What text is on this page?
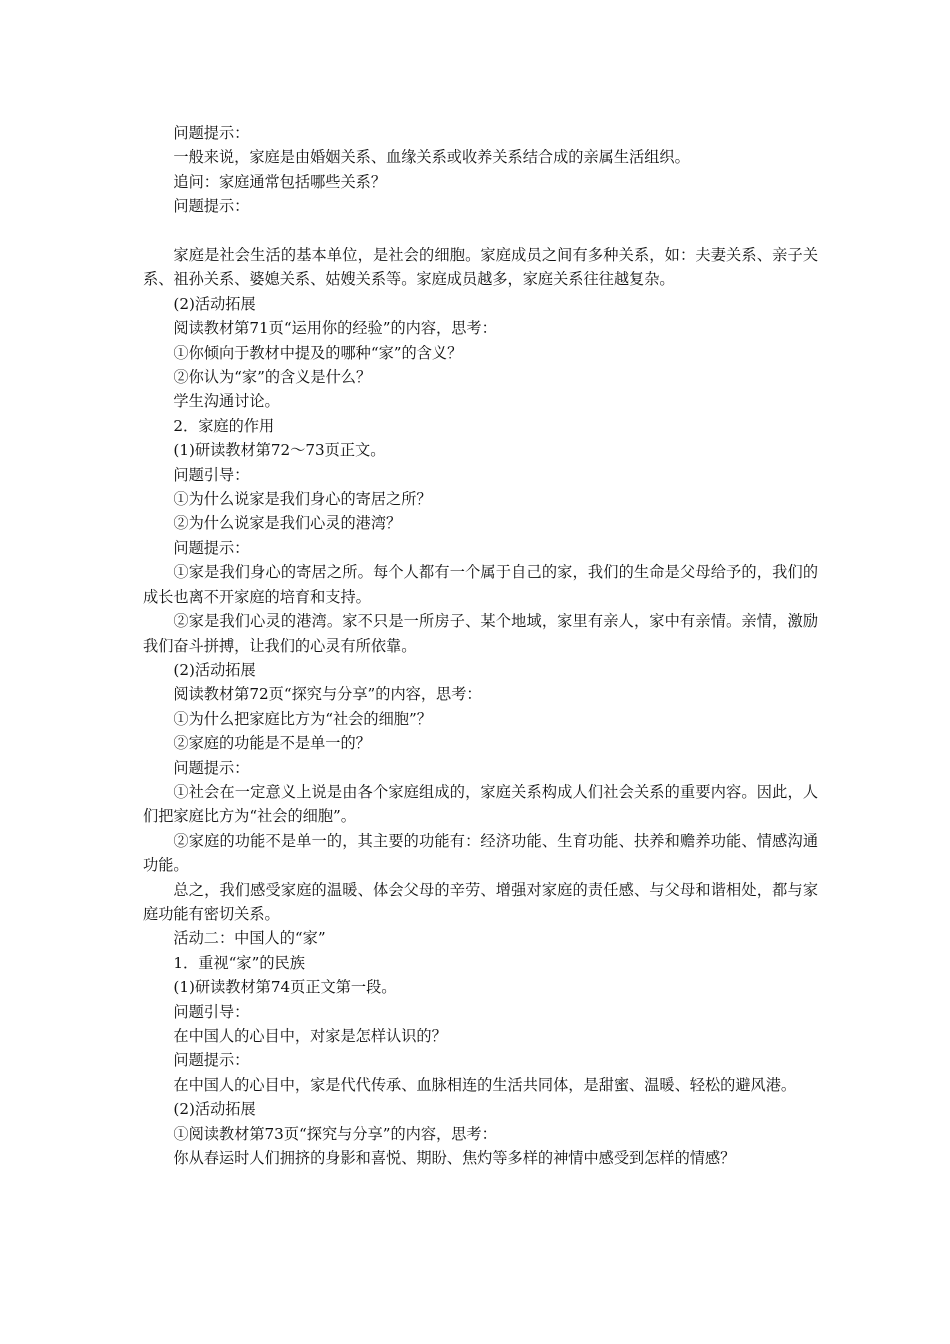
问题提示：

一般来说，家庭是由婚姻关系、血缘关系或收养关系结合成的亲属生活组织。

追问：家庭通常包括哪些关系？

问题提示：

家庭是社会生活的基本单位，是社会的细胞。家庭成员之间有多种关系，如：夫妻关系、亲子关系、祖孙关系、婆媳关系、姑嫂关系等。家庭成员越多，家庭关系往往越复杂。

(2)活动拓展

阅读教材第71页“运用你的经验”的内容，思考：

①你倾向于教材中提及的哪种“家”的含义？

②你认为“家”的含义是什么？

学生沟通讨论。

2．家庭的作用

(1)研读教材第72～73页正文。

问题引导：

①为什么说家是我们身心的寄居之所？

②为什么说家是我们心灵的港湾？

问题提示：

①家是我们身心的寄居之所。每个人都有一个属于自己的家，我们的生命是父母给予的，我们的成长也离不开家庭的培育和支持。

②家是我们心灵的港湾。家不只是一所房子、某个地域，家里有亲人，家中有亲情。亲情，激励我们奋斗拼搏，让我们的心灵有所依靠。

(2)活动拓展

阅读教材第72页“探究与分享”的内容，思考：

①为什么把家庭比方为“社会的细胞”？

②家庭的功能是不是单一的？

问题提示：

①社会在一定意义上说是由各个家庭组成的，家庭关系构成人们社会关系的重要内容。因此，人们把家庭比方为“社会的细胞”。

②家庭的功能不是单一的，其主要的功能有：经济功能、生育功能、扶养和赡养功能、情感沟通功能。

总之，我们感受家庭的温暖、体会父母的辛劳、增强对家庭的责任感、与父母和谐相处，都与家庭功能有密切关系。

活动二：中国人的“家”

1．重视“家”的民族

(1)研读教材第74页正文第一段。

问题引导：

在中国人的心目中，对家是怎样认识的？

问题提示：

在中国人的心目中，家是代代传承、血脉相连的生活共同体，是甜蜜、温暖、轻松的避风港。

(2)活动拓展

①阅读教材第73页“探究与分享”的内容，思考：

你从春运时人们拥挤的身影和喜悦、期盼、焦灼等多样的神情中感受到怎样的情感？
